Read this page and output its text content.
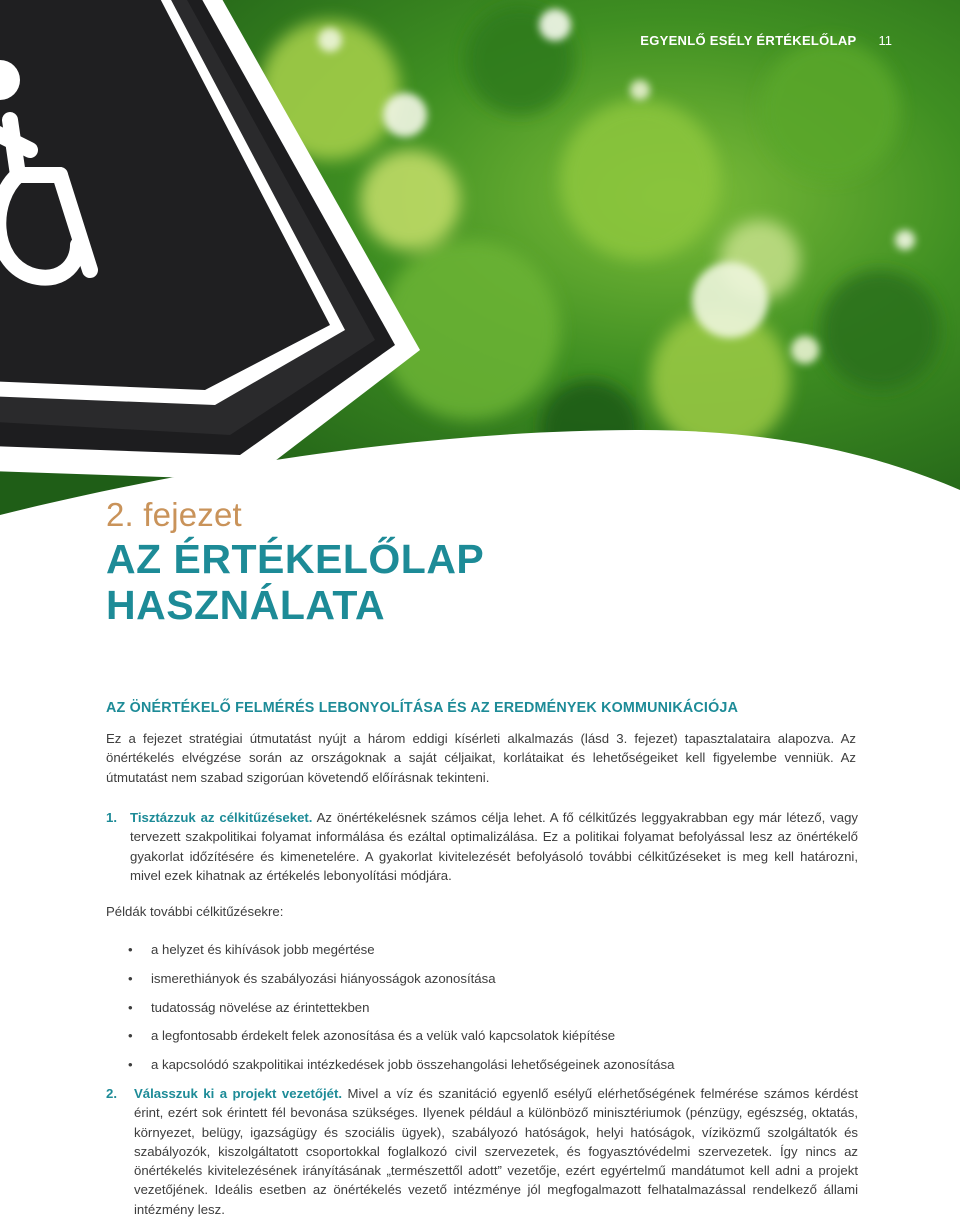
EGYENLŐ ESÉLY ÉRTÉKELŐLAP 11
2. fejezet
AZ ÉRTÉKELŐLAP
HASZNÁLATA
AZ ÖNÉRTÉKELŐ FELMÉRÉS LEBONYOLÍTÁSA ÉS AZ EREDMÉNYEK KOMMUNIKÁCIÓJA

Ez a fejezet stratégiai útmutatást nyújt a három eddigi kísérleti alkalmazás (lásd 3. fejezet) tapasztalataira alapozva. Az önértékelés elvégzése során az országoknak a saját céljaikat, korlátaikat és lehetőségeiket kell figyelembe venniük. Az útmutatást nem szabad szigorúan követendő előírásnak tekinteni.

1. Tisztázzuk az célkitűzéseket. Az önértékelésnek számos célja lehet. A fő célkitűzés leggyakrabban egy már létező, vagy tervezett szakpolitikai folyamat informálása és ezáltal optimalizálása. Ez a politikai folyamat befolyással lesz az önértékelő gyakorlat időzítésére és kimenetelére. A gyakorlat kivitelezését befolyásoló további célkitűzéseket is meg kell határozni, mivel ezek kihatnak az értékelés lebonyolítási módjára.

Példák további célkitűzésekre:
• a helyzet és kihívások jobb megértése
• ismerethiányok és szabályozási hiányosságok azonosítása
• tudatosság növelése az érintettekben
• a legfontosabb érdekelt felek azonosítása és a velük való kapcsolatok kiépítése
• a kapcsolódó szakpolitikai intézkedések jobb összehangolási lehetőségeinek azonosítása
2. Válasszuk ki a projekt vezetőjét. Mivel a víz és szanitáció egyenlő esélyű elérhetőségének felmérése számos kérdést érint, ezért sok érintett fél bevonása szükséges. Ilyenek például a különböző minisztériumok (pénzügy, egészség, oktatás, környezet, belügy, igazságügy és szociális ügyek), szabályozó hatóságok, helyi hatóságok, víziközmű szolgáltatók és szabályozók, kiszolgáltatott csoportokkal foglalkozó civil szervezetek, és fogyasztóvédelmi szervezetek. Így nincs az önértékelés kivitelezésének irányításának „természettől adott” vezetője, ezért egyértelmű mandátumot kell adni a projekt vezetőjének. Ideális esetben az önértékelés vezető intézménye jól megfogalmazott felhatalmazással rendelkező állami intézmény lesz.
